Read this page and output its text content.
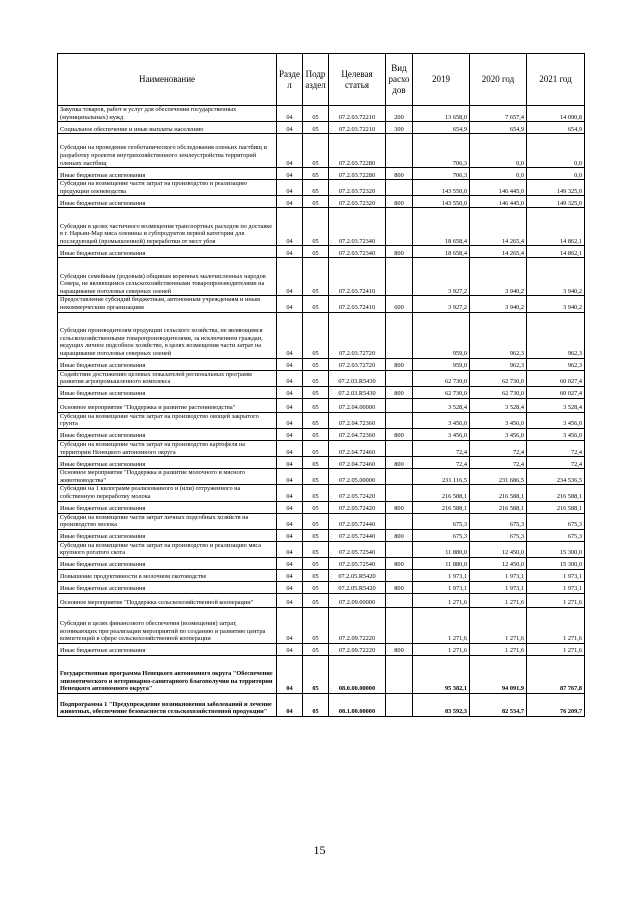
Наименование	Разде л	Подр аздел	Целевая статья	Вид расхо дов	2019	2020 год	2021 год
Закупка товаров, работ и услуг для обеспечения государственных (муниципальных) нужд	04	05	07.2.03.72210	200	13 658,0	7 657,4	14 090,8
Социальное обеспечение и иные выплаты населению	04	05	07.2.03.72210	300	654,9	654,9	654,9
Субсидии на проведение геоботанического обследования оленьих пастбищ и разработку проектов внутрихозяйственного землеустройства территорий оленьих пастбищ	04	05	07.2.03.72280		706,3	0,0	0,0
Иные бюджетные ассигнования	04	05	07.2.03.72280	800	706,3	0,0	0,0
Субсидии на возмещение части затрат на производство и реализацию продукции оленеводства	04	05	07.2.03.72320		143 550,0	146 445,0	149 325,0
Иные бюджетные ассигнования	04	05	07.2.03.72320	800	143 550,0	146 445,0	149 325,0
Субсидии в целях частичного возмещения транспортных расходов по доставке в г. Нарьян-Мар мяса оленины и субпродуктов первой категории для последующей (промышленной) переработки от мест убоя	04	05	07.2.03.72340		18 658,4	14 265,4	14 862,1
Иные бюджетные ассигнования	04	05	07.2.03.72340	800	18 658,4	14 265,4	14 862,1
Субсидии семейным (родовым) общинам коренных малочисленных народов Севера, не являющимся сельскохозяйственными товаропроизводителями на наращивание поголовья северных оленей	04	05	07.2.03.72410		3 927,2	3 940,2	3 940,2
Предоставление субсидий бюджетным, автономным учреждениям и иным некоммерческим организациям	04	05	07.2.03.72410	600	3 927,2	3 940,2	3 940,2
Субсидии производителям продукции сельского хозяйства, не являющимся сельскохозяйственными товаропроизводителями, за исключением граждан, ведущих личное подсобное хозяйство, в целях возмещения части затрат на наращивание поголовья северных оленей	04	05	07.2.03.72720		959,0	962,3	962,3
Иные бюджетные ассигнования	04	05	07.2.03.72720	800	959,0	962,3	962,3
Содействие достижению целевых показателей региональных программ развития агропромышленного комплекса	04	05	07.2.03.R5430		62 730,0	62 730,0	60 027,4
Иные бюджетные ассигнования	04	05	07.2.03.R5430	800	62 730,0	62 730,0	60 027,4
Основное мероприятие "Поддержка и развитие растениеводства"	04	05	07.2.04.00000		3 528,4	3 528,4	3 528,4
Субсидии на возмещение части затрат на производство овощей закрытого грунта	04	05	07.2.04.72360		3 456,0	3 456,0	3 456,0
Иные бюджетные ассигнования	04	05	07.2.04.72360	800	3 456,0	3 456,0	3 456,0
Субсидии на возмещение части затрат на производство картофеля на территории Ненецкого автономного округа	04	05	07.2.04.72460		72,4	72,4	72,4
Иные бюджетные ассигнования	04	05	07.2.04.72460	800	72,4	72,4	72,4
Основное мероприятие "Поддержка и развитие молочного и мясного животноводства"	04	05	07.2.05.00000		231 116,5	231 686,5	234 536,5
Субсидии на 1 килограмм реализованного и (или) отгруженного на собственную переработку молока	04	05	07.2.05.72420		216 588,1	216 588,1	216 588,1
Иные бюджетные ассигнования	04	05	07.2.05.72420	800	216 588,1	216 588,1	216 588,1
Субсидии на возмещение части затрат личных подсобных хозяйств на производство молока	04	05	07.2.05.72440		675,3	675,3	675,3
Иные бюджетные ассигнования	04	05	07.2.05.72440	800	675,3	675,3	675,3
Субсидии на возмещение части затрат на производство и реализацию мяса крупного рогатого скота	04	05	07.2.05.72540		11 880,0	12 450,0	15 300,0
Иные бюджетные ассигнования	04	05	07.2.05.72540	800	11 880,0	12 450,0	15 300,0
Повышение продуктивности в молочном скотоводстве	04	05	07.2.05.R5420		1 973,1	1 973,1	1 973,1
Иные бюджетные ассигнования	04	05	07.2.05.R5420	800	1 973,1	1 973,1	1 973,1
Основное мероприятие "Поддержка сельскохозяйственной кооперации"	04	05	07.2.09.00000		1 271,6	1 271,6	1 271,6
Субсидии в целях финансового обеспечения (возмещения) затрат, возникающих при реализации мероприятий по созданию и развитию центра компетенций в сфере сельскохозяйственной кооперации	04	05	07.2.09.72220		1 271,6	1 271,6	1 271,6
Иные бюджетные ассигнования	04	05	07.2.09.72220	800	1 271,6	1 271,6	1 271,6
Государственная программа Ненецкого автономного округа "Обеспечение эпизоотического и ветеринарно-санитарного благополучия на территории Ненецкого автономного округа"	04	05	08.0.00.00000		95 382,1	94 091,9	87 767,8
Подпрограмма 1 "Предупреждение возникновения заболеваний и лечение животных, обеспечение безопасности сельскохозяйственной продукции"	04	05	08.1.00.00000		83 592,3	82 534,7	76 209,7
15
